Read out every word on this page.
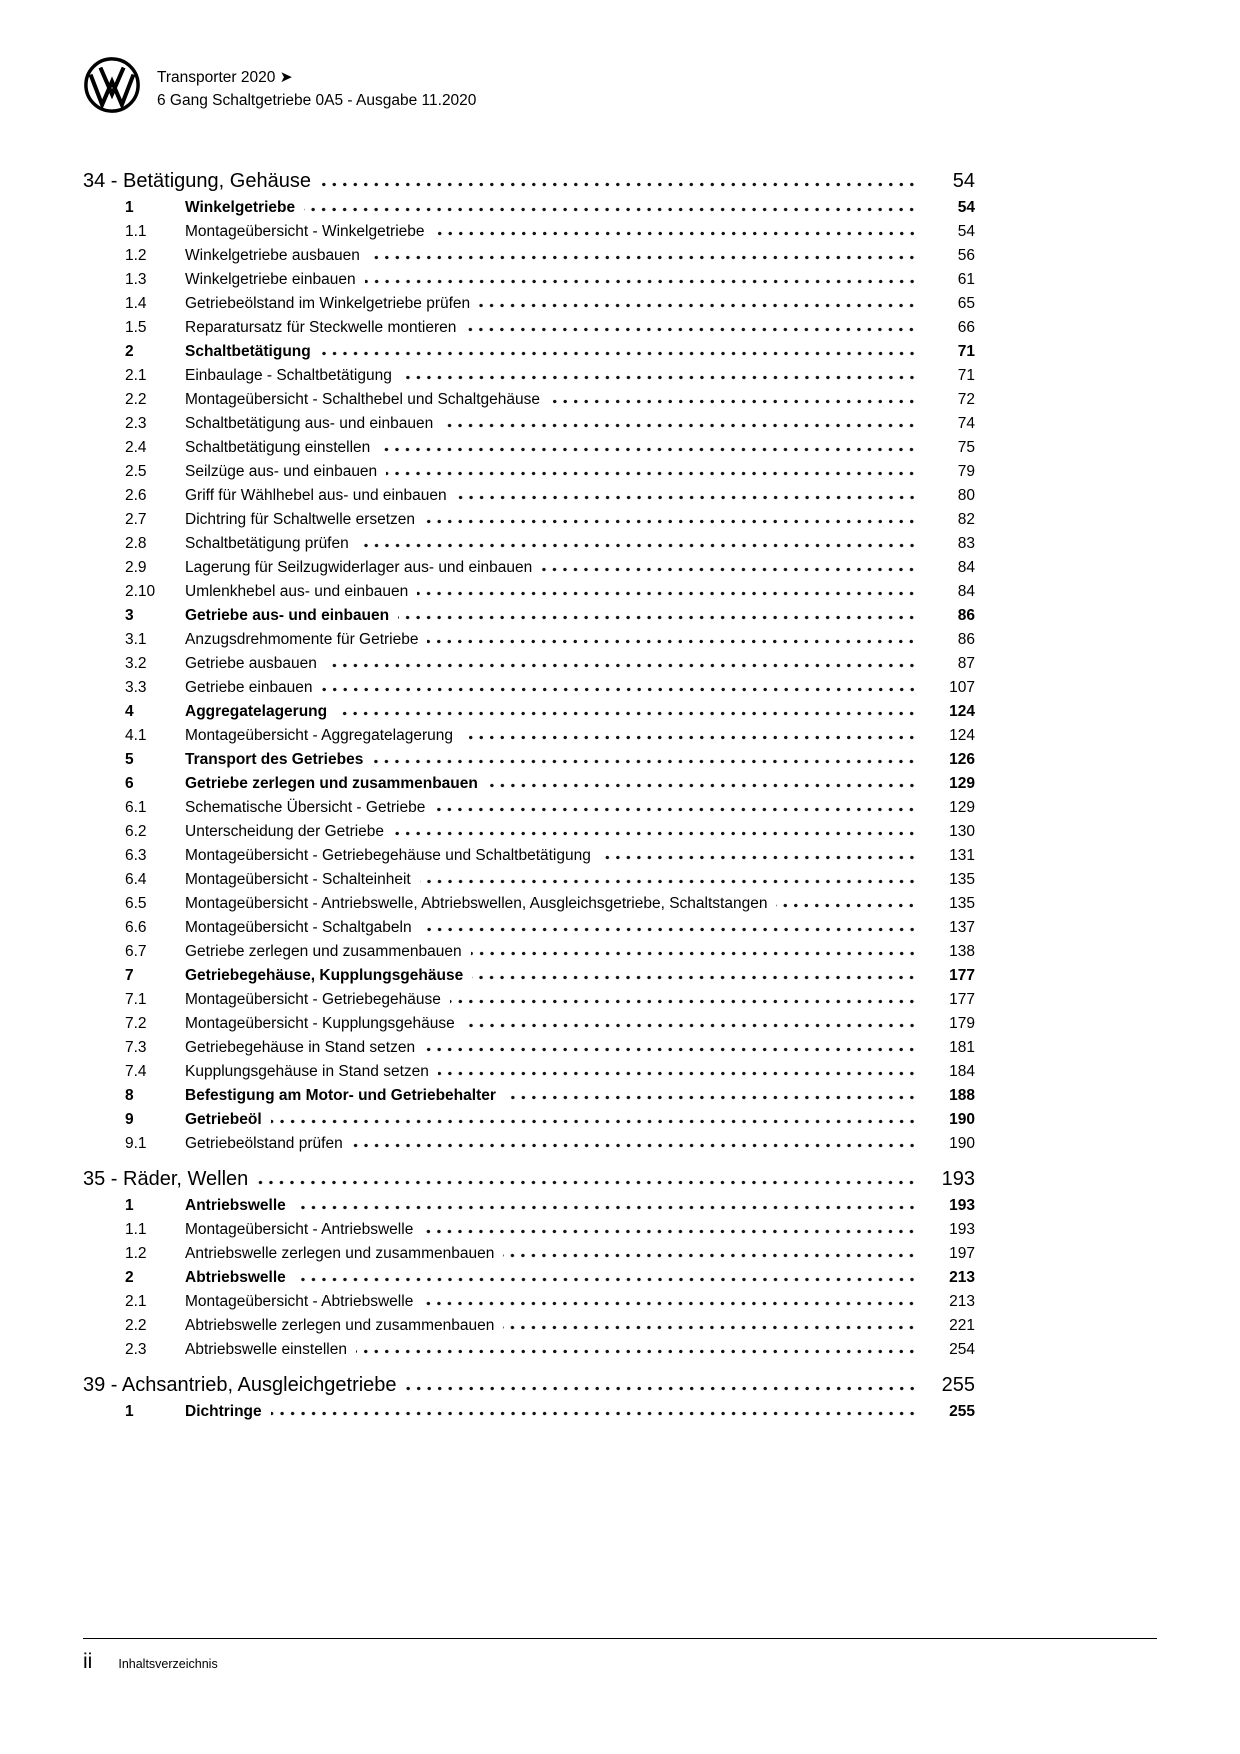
Transporter 2020 ➤
6 Gang Schaltgetriebe 0A5 - Ausgabe 11.2020
34 - Betätigung, Gehäuse	54
1	Winkelgetriebe	54
1.1	Montageübersicht - Winkelgetriebe	54
1.2	Winkelgetriebe ausbauen	56
1.3	Winkelgetriebe einbauen	61
1.4	Getriebeölstand im Winkelgetriebe prüfen	65
1.5	Reparatursatz für Steckwelle montieren	66
2	Schaltbetätigung	71
2.1	Einbaulage - Schaltbetätigung	71
2.2	Montageübersicht - Schalthebel und Schaltgehäuse	72
2.3	Schaltbetätigung aus- und einbauen	74
2.4	Schaltbetätigung einstellen	75
2.5	Seilzüge aus- und einbauen	79
2.6	Griff für Wählhebel aus- und einbauen	80
2.7	Dichtring für Schaltwelle ersetzen	82
2.8	Schaltbetätigung prüfen	83
2.9	Lagerung für Seilzugwiderlager aus- und einbauen	84
2.10	Umlenkhebel aus- und einbauen	84
3	Getriebe aus- und einbauen	86
3.1	Anzugsdrehmomente für Getriebe	86
3.2	Getriebe ausbauen	87
3.3	Getriebe einbauen	107
4	Aggregatelagerung	124
4.1	Montageübersicht - Aggregatelagerung	124
5	Transport des Getriebes	126
6	Getriebe zerlegen und zusammenbauen	129
6.1	Schematische Übersicht - Getriebe	129
6.2	Unterscheidung der Getriebe	130
6.3	Montageübersicht - Getriebegehäuse und Schaltbetätigung	131
6.4	Montageübersicht - Schalteinheit	135
6.5	Montageübersicht - Antriebswelle, Abtriebswellen, Ausgleichsgetriebe, Schaltstangen	135
6.6	Montageübersicht - Schaltgabeln	137
6.7	Getriebe zerlegen und zusammenbauen	138
7	Getriebegehäuse, Kupplungsgehäuse	177
7.1	Montageübersicht - Getriebegehäuse	177
7.2	Montageübersicht - Kupplungsgehäuse	179
7.3	Getriebegehäuse in Stand setzen	181
7.4	Kupplungsgehäuse in Stand setzen	184
8	Befestigung am Motor- und Getriebehalter	188
9	Getriebeöl	190
9.1	Getriebeölstand prüfen	190
35 - Räder, Wellen	193
1	Antriebswelle	193
1.1	Montageübersicht - Antriebswelle	193
1.2	Antriebswelle zerlegen und zusammenbauen	197
2	Abtriebswelle	213
2.1	Montageübersicht - Abtriebswelle	213
2.2	Abtriebswelle zerlegen und zusammenbauen	221
2.3	Abtriebswelle einstellen	254
39 - Achsantrieb, Ausgleichgetriebe	255
1	Dichtringe	255
ii Inhaltsverzeichnis
